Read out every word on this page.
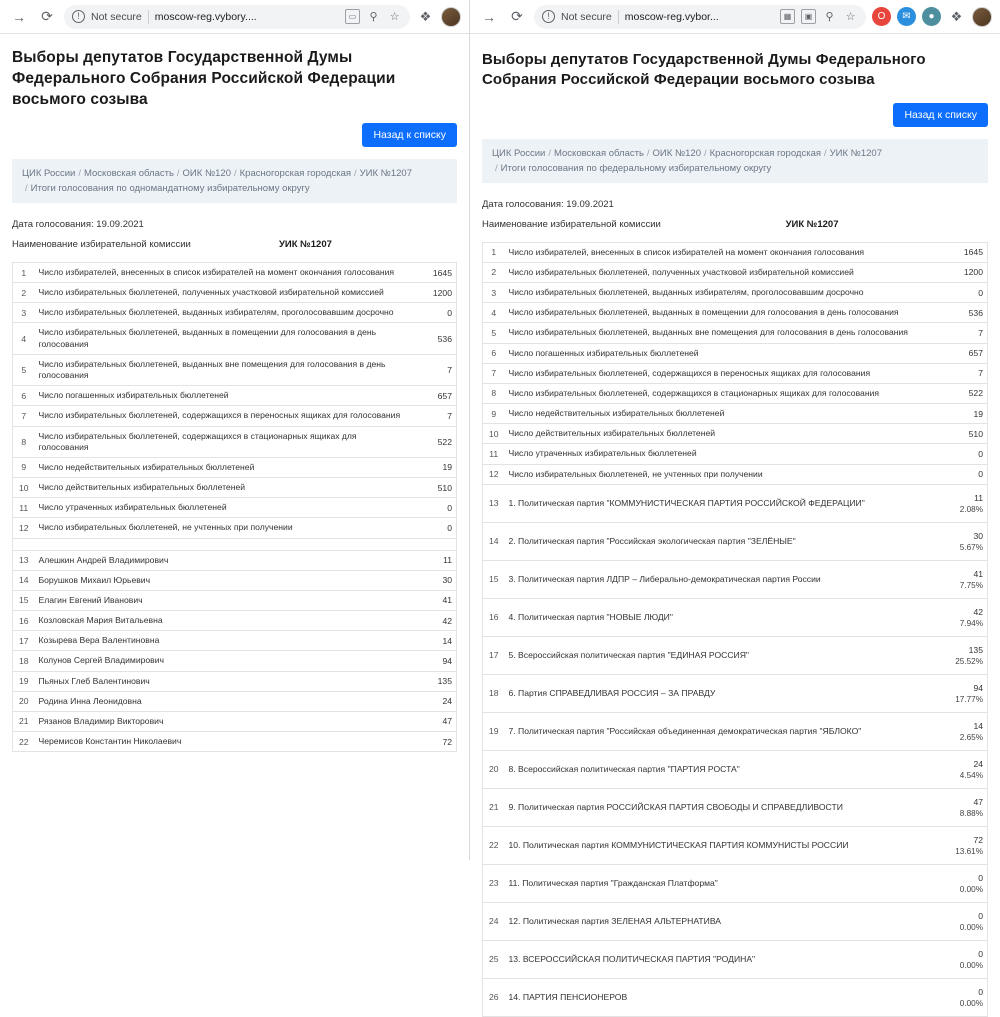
→	⟳	!	Not secure moscow-reg.vybory....	▭	⚲	☆ ❖
Выборы депутатов Государственной Думы Федерального Собрания Российской Федерации восьмого созыва
Назад к списку
ЦИК России / Московская область / ОИК №120 / Красногорская городская / УИК №1207
/ Итоги голосования по одномандатному избирательному округу
Дата голосования: 19.09.2021
Наименование избирательной комиссии	УИК №1207
1	Число избирателей, внесенных в список избирателей на момент окончания голосования	1645
2	Число избирательных бюллетеней, полученных участковой избирательной комиссией	1200
3	Число избирательных бюллетеней, выданных избирателям, проголосовавшим досрочно	0
4	Число избирательных бюллетеней, выданных в помещении для голосования в день голосования	536
5	Число избирательных бюллетеней, выданных вне помещения для голосования в день голосования	7
6	Число погашенных избирательных бюллетеней	657
7	Число избирательных бюллетеней, содержащихся в переносных ящиках для голосования	7
8	Число избирательных бюллетеней, содержащихся в стационарных ящиках для голосования	522
9	Число недействительных избирательных бюллетеней	19
10	Число действительных избирательных бюллетеней	510
11	Число утраченных избирательных бюллетеней	0
12	Число избирательных бюллетеней, не учтенных при получении	0

13	Алешкин Андрей Владимирович	11
14	Борушков Михаил Юрьевич	30
15	Елагин Евгений Иванович	41
16	Козловская Мария Витальевна	42
17	Козырева Вера Валентиновна	14
18	Колунов Сергей Владимирович	94
19	Пьяных Глеб Валентинович	135
20	Родина Инна Леонидовна	24
21	Рязанов Владимир Викторович	47
22	Черемисов Константин Николаевич	72
→	⟳	!	Not secure moscow-reg.vybor...	▦	▣	⚲	☆	O	✉	●	❖
Выборы депутатов Государственной Думы Федерального Собрания Российской Федерации восьмого созыва
Назад к списку
ЦИК России / Московская область / ОИК №120 / Красногорская городская / УИК №1207
/ Итоги голосования по федеральному избирательному округу
Дата голосования: 19.09.2021
Наименование избирательной комиссии	УИК №1207
1	Число избирателей, внесенных в список избирателей на момент окончания голосования	1645
2	Число избирательных бюллетеней, полученных участковой избирательной комиссией	1200
3	Число избирательных бюллетеней, выданных избирателям, проголосовавшим досрочно	0
4	Число избирательных бюллетеней, выданных в помещении для голосования в день голосования	536
5	Число избирательных бюллетеней, выданных вне помещения для голосования в день голосования	7
6	Число погашенных избирательных бюллетеней	657
7	Число избирательных бюллетеней, содержащихся в переносных ящиках для голосования	7
8	Число избирательных бюллетеней, содержащихся в стационарных ящиках для голосования	522
9	Число недействительных избирательных бюллетеней	19
10	Число действительных избирательных бюллетеней	510
11	Число утраченных избирательных бюллетеней	0
12	Число избирательных бюллетеней, не учтенных при получении	0
13	1. Политическая партия "КОММУНИСТИЧЕСКАЯ ПАРТИЯ РОССИЙСКОЙ ФЕДЕРАЦИИ"	11
2.08%

14	2. Политическая партия "Российская экологическая партия "ЗЕЛЁНЫЕ"	30
5.67%

15	3. Политическая партия ЛДПР – Либерально-демократическая партия России	41
7.75%

16	4. Политическая партия "НОВЫЕ ЛЮДИ"	42
7.94%

17	5. Всероссийская политическая партия "ЕДИНАЯ РОССИЯ"	135
25.52%

18	6. Партия СПРАВЕДЛИВАЯ РОССИЯ – ЗА ПРАВДУ	94
17.77%

19	7. Политическая партия "Российская объединенная демократическая партия "ЯБЛОКО"	14
2.65%

20	8. Всероссийская политическая партия "ПАРТИЯ РОСТА"	24
4.54%

21	9. Политическая партия РОССИЙСКАЯ ПАРТИЯ СВОБОДЫ И СПРАВЕДЛИВОСТИ	47
8.88%

22	10. Политическая партия КОММУНИСТИЧЕСКАЯ ПАРТИЯ КОММУНИСТЫ РОССИИ	72
13.61%

23	11. Политическая партия "Гражданская Платформа"	0
0.00%

24	12. Политическая партия ЗЕЛЕНАЯ АЛЬТЕРНАТИВА	0
0.00%

25	13. ВСЕРОССИЙСКАЯ ПОЛИТИЧЕСКАЯ ПАРТИЯ "РОДИНА"	0
0.00%

26	14. ПАРТИЯ ПЕНСИОНЕРОВ	0
0.00%
